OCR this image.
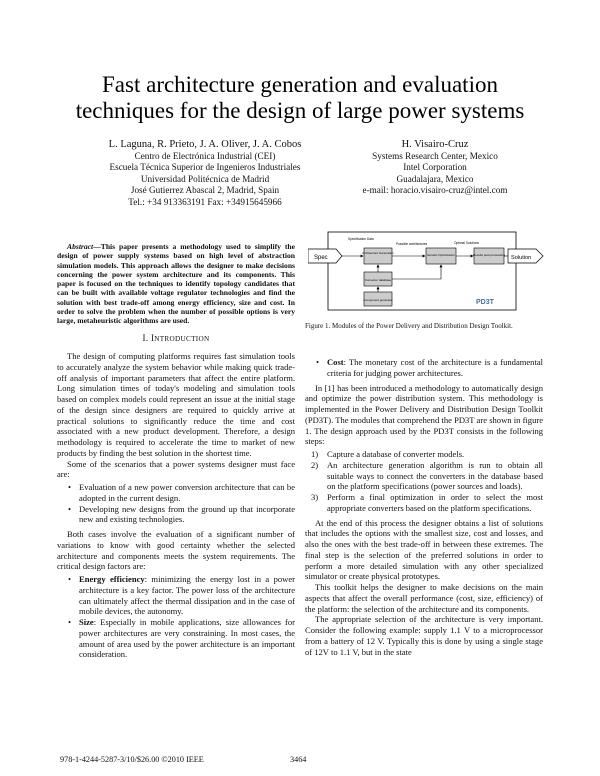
Fast architecture generation and evaluation
techniques for the design of large power systems
L. Laguna, R. Prieto, J. A. Oliver, J. A. Cobos
Centro de Electrónica Industrial (CEI)
Escuela Técnica Superior de Ingenieros Industriales
Universidad Politécnica de Madrid
José Gutierrez Abascal 2, Madrid, Spain
Tel.: +34 913363191 Fax: +34915645966
H. Visairo-Cruz
Systems Research Center, Mexico
Intel Corporation
Guadalajara, Mexico
e-mail: horacio.visairo-cruz@intel.com
Abstract—This paper presents a methodology used to simplify the design of power supply systems based on high level of abstraction simulation models. This approach allows the designer to make decisions concerning the power system architecture and its components. This paper is focused on the techniques to identify topology candidates that can be built with available voltage regulator technologies and find the solution with best trade-off among energy efficiency, size and cost. In order to solve the problem when the number of possible options is very large, metaheuristic algorithms are used.
I. INTRODUCTION

The design of computing platforms requires fast simulation tools to accurately analyze the system behavior while making quick trade-off analysis of important parameters that affect the entire platform. Long simulation times of today's modeling and simulation tools based on complex models could represent an issue at the initial stage of the design since designers are required to quickly arrive at practical solutions to significantly reduce the time and cost associated with a new product development. Therefore, a design methodology is required to accelerate the time to market of new products by finding the best solution in the shortest time.

Some of the scenarios that a power systems designer must face are:

• Evaluation of a new power conversion architecture that can be adopted in the current design.
• Developing new designs from the ground up that incorporate new and existing technologies.

Both cases involve the evaluation of a significant number of variations to know with good certainty whether the selected architecture and components meets the system requirements. The critical design factors are:

• Energy efficiency: minimizing the energy lost in a power architecture is a key factor. The power loss of the architecture can ultimately affect the thermal dissipation and in the case of mobile devices, the autonomy.
• Size: Especially in mobile applications, size allowances for power architectures are very constraining. In most cases, the amount of area used by the power architecture is an important consideration.
Spec	Solution
Architecture Generation	Genetic Optimization	Results post-processing
Converter database
Component generator
Specification Data
Possible architectures	Optimal Solutions
PD3T
Figure 1. Modules of the Power Delivery and Distribution Design Toolkit.
• Cost: The monetary cost of the architecture is a fundamental criteria for judging power architectures.

In [1] has been introduced a methodology to automatically design and optimize the power distribution system. This methodology is implemented in the Power Delivery and Distribution Design Toolkit (PD3T). The modules that comprehend the PD3T are shown in figure 1. The design approach used by the PD3T consists in the following steps:

1) Capture a database of converter models.
2) An architecture generation algorithm is run to obtain all suitable ways to connect the converters in the database based on the platform specifications (power sources and loads).
3) Perform a final optimization in order to select the most appropriate converters based on the platform specifications.

At the end of this process the designer obtains a list of solutions that includes the options with the smallest size, cost and losses, and also the ones with the best trade-off in between these extremes. The final step is the selection of the preferred solutions in order to perform a more detailed simulation with any other specialized simulator or create physical prototypes.

This toolkit helps the designer to make decisions on the main aspects that affect the overall performance (cost, size, efficiency) of the platform: the selection of the architecture and its components.

The appropriate selection of the architecture is very important. Consider the following example: supply 1.1 V to a microprocessor from a battery of 12 V. Typically this is done by using a single stage of 12V to 1.1 V, but in the state

978-1-4244-5287-3/10/$26.00 ©2010 IEEE	3464
